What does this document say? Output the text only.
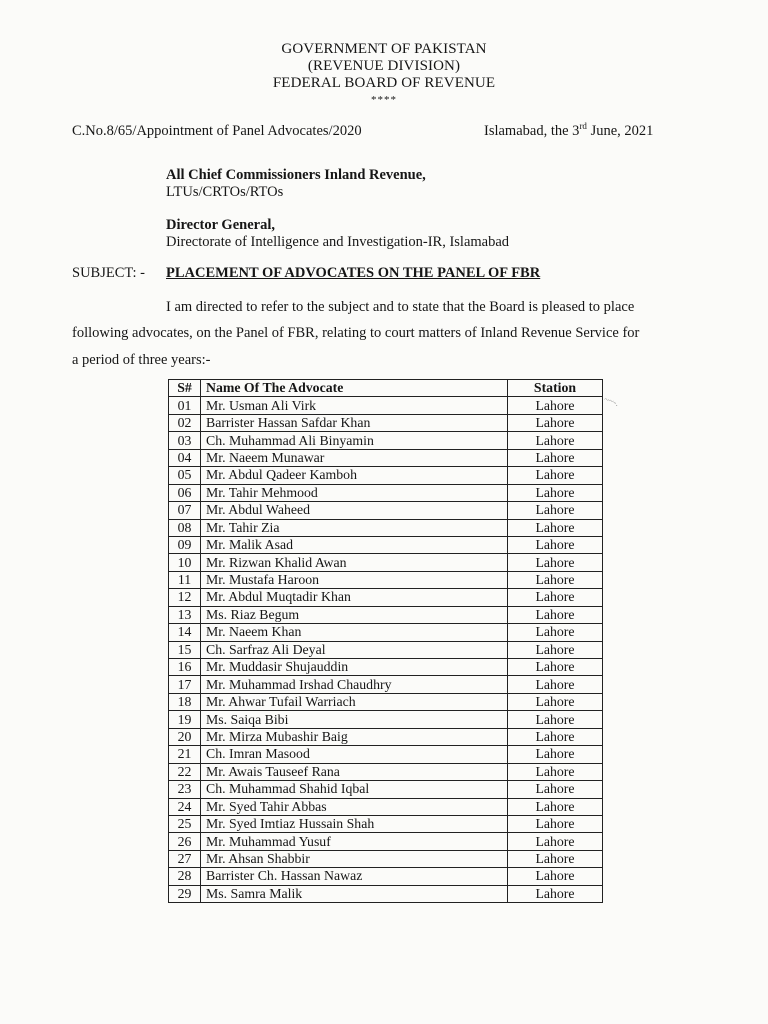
GOVERNMENT OF PAKISTAN
(REVENUE DIVISION)
FEDERAL BOARD OF REVENUE
****
C.No.8/65/Appointment of Panel Advocates/2020	Islamabad, the 3rd June, 2021
All Chief Commissioners Inland Revenue,
LTUs/CRTOs/RTOs
Director General,
Directorate of Intelligence and Investigation-IR, Islamabad
SUBJECT: - PLACEMENT OF ADVOCATES ON THE PANEL OF FBR
I am directed to refer to the subject and to state that the Board is pleased to place
following advocates, on the Panel of FBR, relating to court matters of Inland Revenue Service for
a period of three years:-
S#	Name Of The Advocate	Station
01	Mr. Usman Ali Virk	Lahore
02	Barrister Hassan Safdar Khan	Lahore
03	Ch. Muhammad Ali Binyamin	Lahore
04	Mr. Naeem Munawar	Lahore
05	Mr. Abdul Qadeer Kamboh	Lahore
06	Mr. Tahir Mehmood	Lahore
07	Mr. Abdul Waheed	Lahore
08	Mr. Tahir Zia	Lahore
09	Mr. Malik Asad	Lahore
10	Mr. Rizwan Khalid Awan	Lahore
11	Mr. Mustafa Haroon	Lahore
12	Mr. Abdul Muqtadir Khan	Lahore
13	Ms. Riaz Begum	Lahore
14	Mr. Naeem Khan	Lahore
15	Ch. Sarfraz Ali Deyal	Lahore
16	Mr. Muddasir Shujauddin	Lahore
17	Mr. Muhammad Irshad Chaudhry	Lahore
18	Mr. Ahwar Tufail Warriach	Lahore
19	Ms. Saiqa Bibi	Lahore
20	Mr. Mirza Mubashir Baig	Lahore
21	Ch. Imran Masood	Lahore
22	Mr. Awais Tauseef Rana	Lahore
23	Ch. Muhammad Shahid Iqbal	Lahore
24	Mr. Syed Tahir Abbas	Lahore
25	Mr. Syed Imtiaz Hussain Shah	Lahore
26	Mr. Muhammad Yusuf	Lahore
27	Mr. Ahsan Shabbir	Lahore
28	Barrister Ch. Hassan Nawaz	Lahore
29	Ms. Samra Malik	Lahore
~~-.
